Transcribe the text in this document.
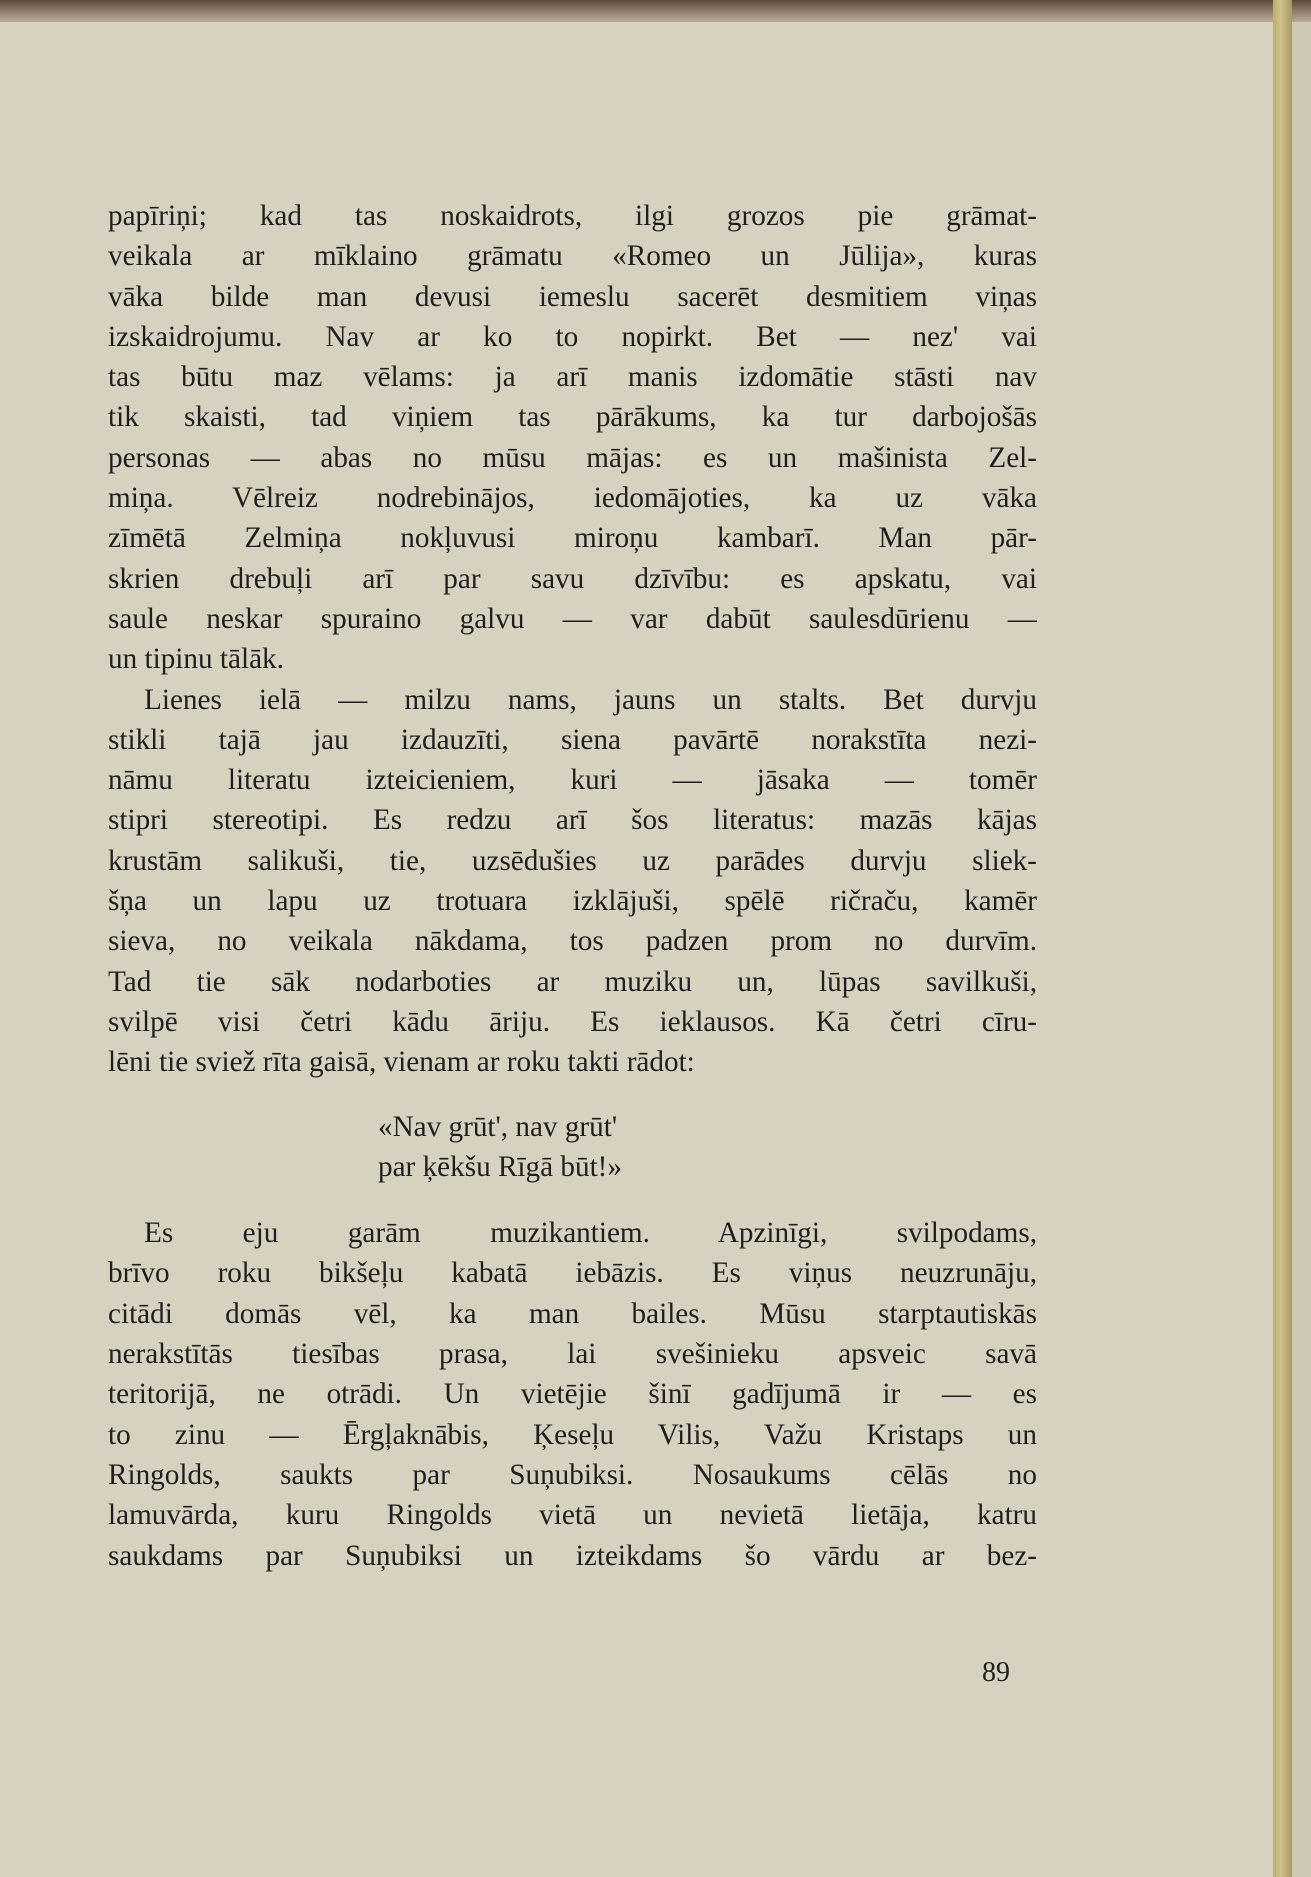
papīriņi; kad tas noskaidrots, ilgi grozos pie grāmat-
veikala ar mīklaino grāmatu «Romeo un Jūlija», kuras
vāka bilde man devusi iemeslu sacerēt desmitiem viņas
izskaidrojumu. Nav ar ko to nopirkt. Bet — nez' vai
tas būtu maz vēlams: ja arī manis izdomātie stāsti nav
tik skaisti, tad viņiem tas pārākums, ka tur darbojošās
personas — abas no mūsu mājas: es un mašinista Zel-
miņa. Vēlreiz nodrebinājos, iedomājoties, ka uz vāka
zīmētā Zelmiņa nokļuvusi miroņu kambarī. Man pār-
skrien drebuļi arī par savu dzīvību: es apskatu, vai
saule neskar spuraino galvu — var dabūt saulesdūrienu —
un tipinu tālāk.
Lienes ielā — milzu nams, jauns un stalts. Bet durvju
stikli tajā jau izdauzīti, siena pavārtē norakstīta nezi-
nāmu literatu izteicieniem, kuri — jāsaka — tomēr
stipri stereotipi. Es redzu arī šos literatus: mazās kājas
krustām salikuši, tie, uzsēdušies uz parādes durvju sliek-
šņa un lapu uz trotuara izklājuši, spēlē ričraču, kamēr
sieva, no veikala nākdama, tos padzen prom no durvīm.
Tad tie sāk nodarboties ar muziku un, lūpas savilkuši,
svilpē visi četri kādu āriju. Es ieklausos. Kā četri cīru-
lēni tie sviež rīta gaisā, vienam ar roku takti rādot:
«Nav grūt', nav grūt'
par ķēkšu Rīgā būt!»
Es eju garām muzikantiem. Apzinīgi, svilpodams,
brīvo roku bikšeļu kabatā iebāzis. Es viņus neuzrunāju,
citādi domās vēl, ka man bailes. Mūsu starptautiskās
nerakstītās tiesības prasa, lai svešinieku apsveic savā
teritorijā, ne otrādi. Un vietējie šinī gadījumā ir — es
to zinu — Ērgļaknābis, Ķeseļu Vilis, Važu Kristaps un
Ringolds, saukts par Suņubiksi. Nosaukums cēlās no
lamuvārda, kuru Ringolds vietā un nevietā lietāja, katru
saukdams par Suņubiksi un izteikdams šo vārdu ar bez-
89
